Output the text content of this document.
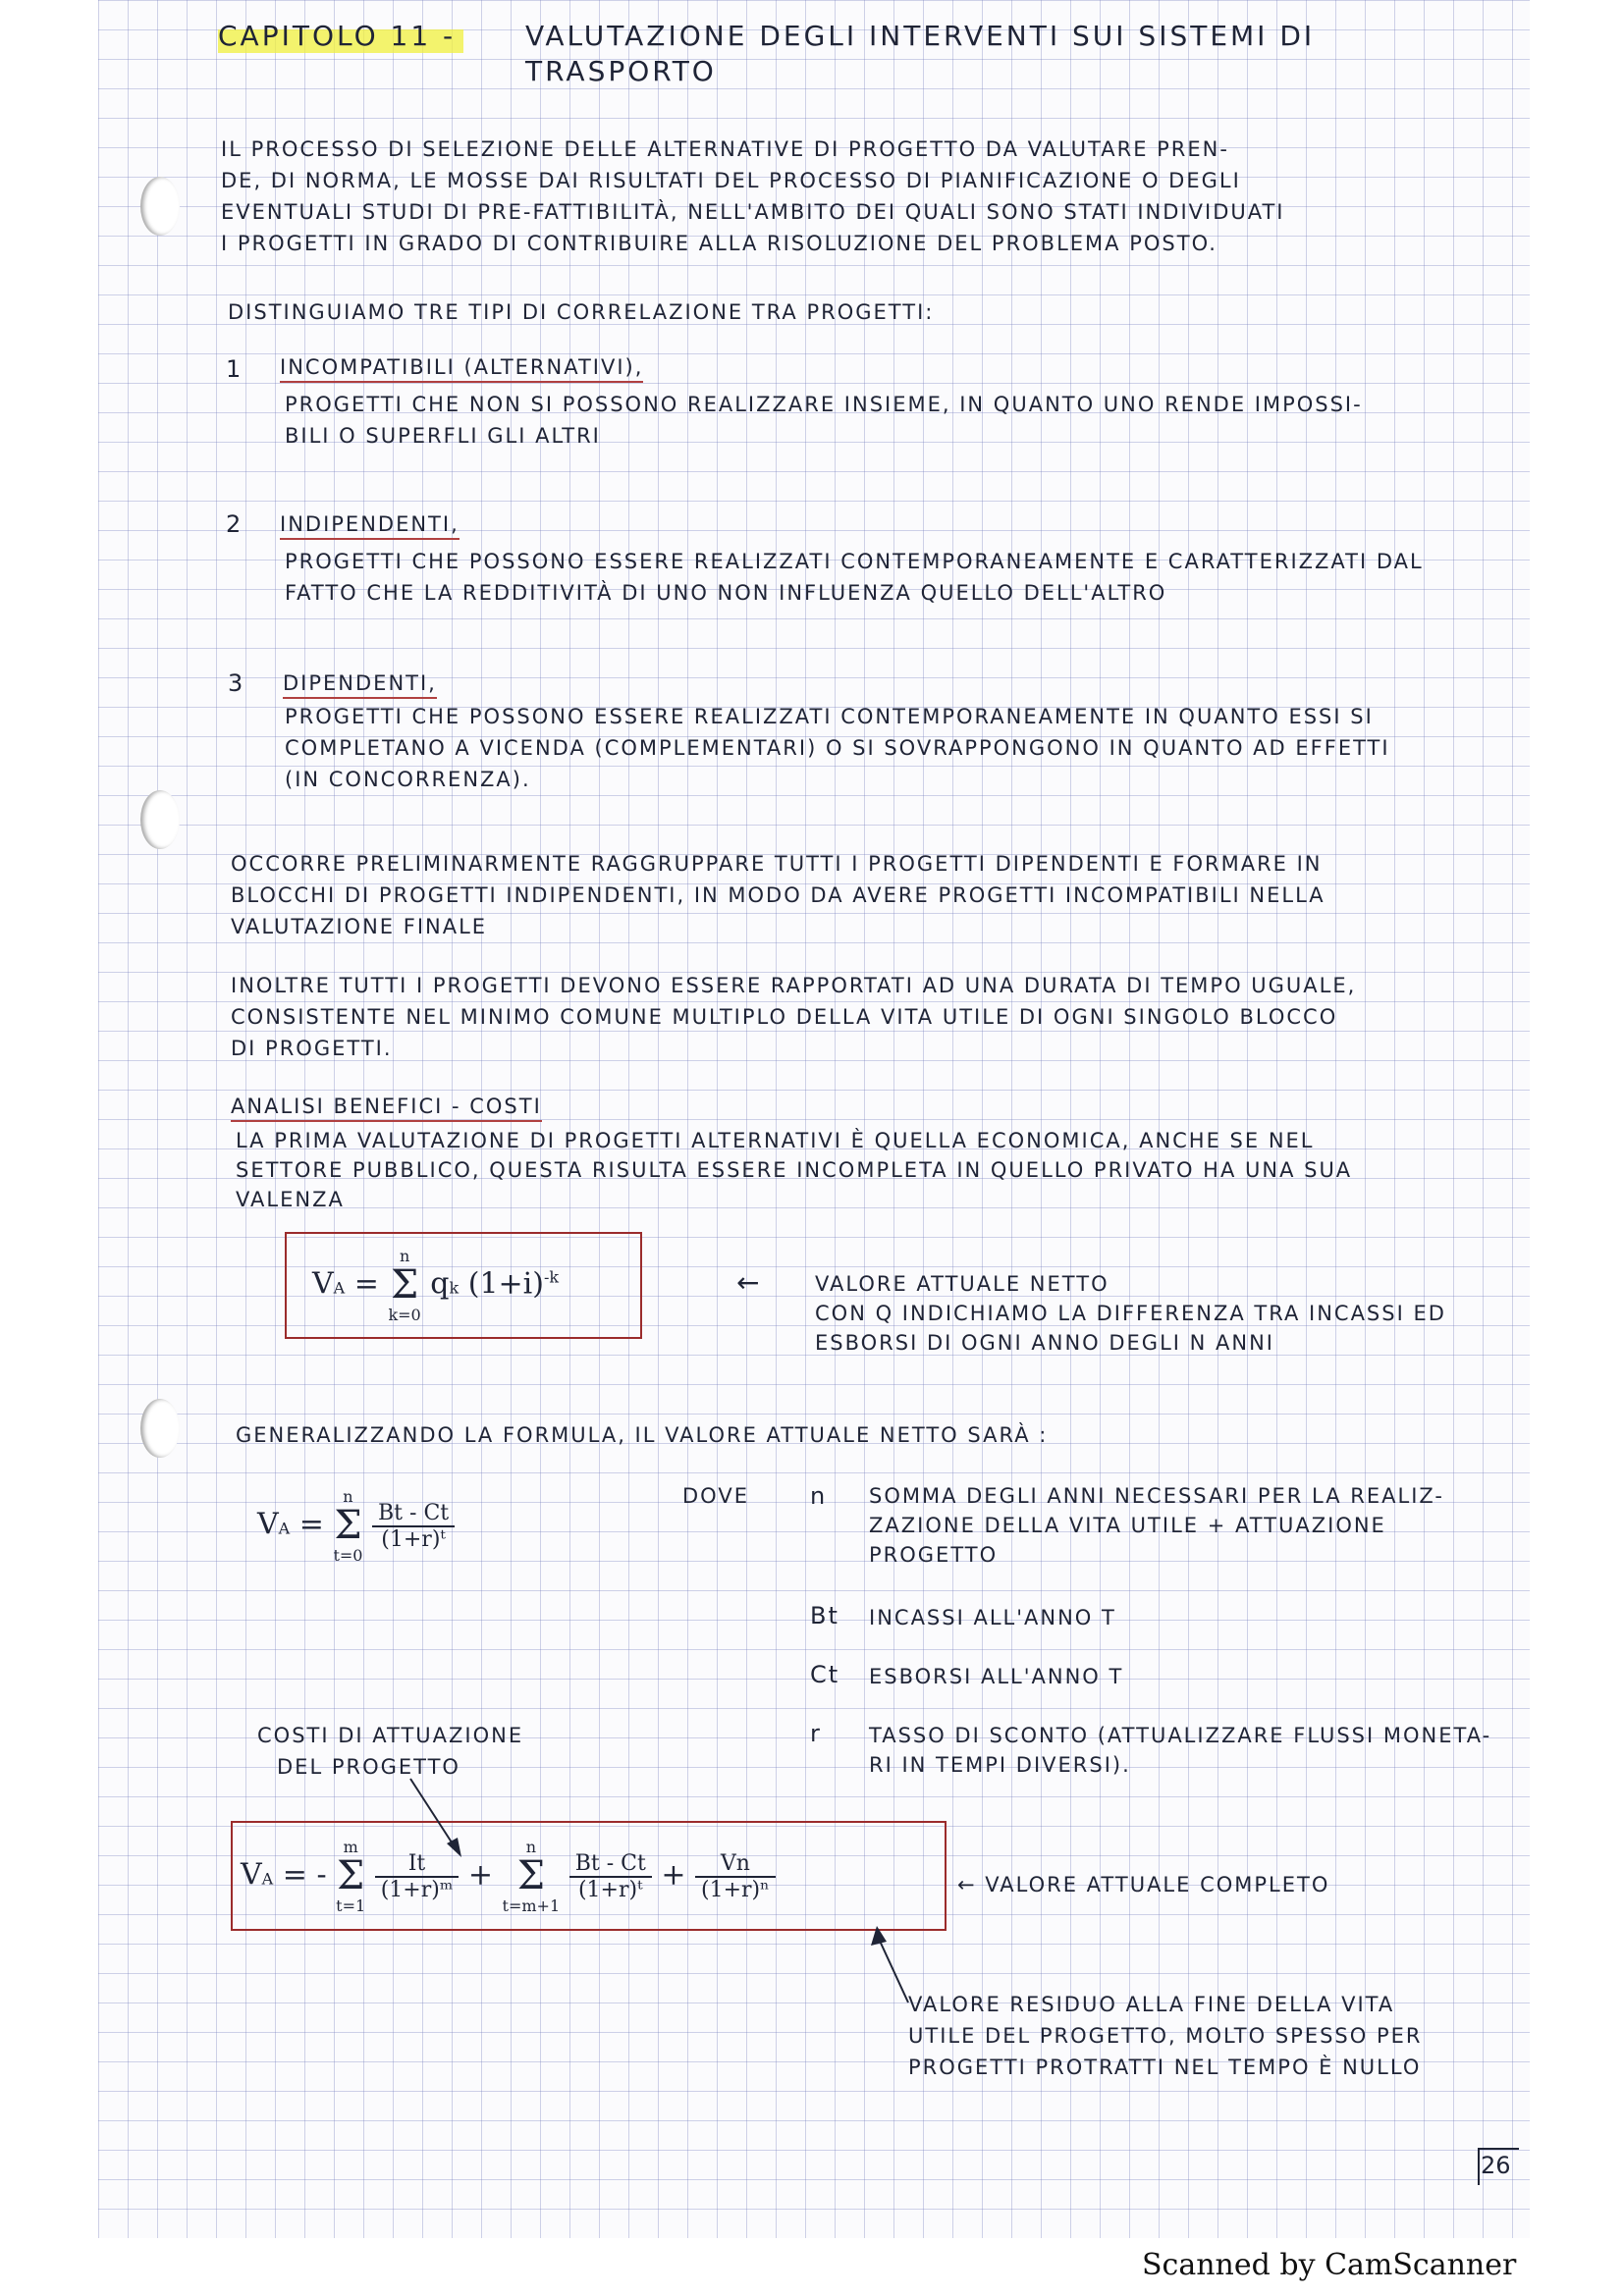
CAPITOLO 11 -	VALUTAZIONE DEGLI INTERVENTI SUI SISTEMI DI
TRASPORTO
IL PROCESSO DI SELEZIONE DELLE ALTERNATIVE DI PROGETTO DA VALUTARE PREN-
DE, DI NORMA, LE MOSSE DAI RISULTATI DEL PROCESSO DI PIANIFICAZIONE O DEGLI
EVENTUALI STUDI DI PRE-FATTIBILITÀ, NELL'AMBITO DEI QUALI SONO STATI INDIVIDUATI
I PROGETTI IN GRADO DI CONTRIBUIRE ALLA RISOLUZIONE DEL PROBLEMA POSTO.
DISTINGUIAMO TRE TIPI DI CORRELAZIONE TRA PROGETTI:
1 INCOMPATIBILI (ALTERNATIVI),
PROGETTI CHE NON SI POSSONO REALIZZARE INSIEME, IN QUANTO UNO RENDE IMPOSSI-
BILI O SUPERFLI GLI ALTRI
2 INDIPENDENTI,
PROGETTI CHE POSSONO ESSERE REALIZZATI CONTEMPORANEAMENTE E CARATTERIZZATI DAL
FATTO CHE LA REDDITIVITÀ DI UNO NON INFLUENZA QUELLO DELL'ALTRO
3 DIPENDENTI,
PROGETTI CHE POSSONO ESSERE REALIZZATI CONTEMPORANEAMENTE IN QUANTO ESSI SI
COMPLETANO A VICENDA (COMPLEMENTARI) O SI SOVRAPPONGONO IN QUANTO AD EFFETTI
(IN CONCORRENZA).
OCCORRE PRELIMINARMENTE RAGGRUPPARE TUTTI I PROGETTI DIPENDENTI E FORMARE IN
BLOCCHI DI PROGETTI INDIPENDENTI, IN MODO DA AVERE PROGETTI INCOMPATIBILI NELLA
VALUTAZIONE FINALE
INOLTRE TUTTI I PROGETTI DEVONO ESSERE RAPPORTATI AD UNA DURATA DI TEMPO UGUALE,
CONSISTENTE NEL MINIMO COMUNE MULTIPLO DELLA VITA UTILE DI OGNI SINGOLO BLOCCO
DI PROGETTI.
ANALISI BENEFICI - COSTI
LA PRIMA VALUTAZIONE DI PROGETTI ALTERNATIVI È QUELLA ECONOMICA, ANCHE SE NEL
SETTORE PUBBLICO, QUESTA RISULTA ESSERE INCOMPLETA IN QUELLO PRIVATO HA UNA SUA
VALENZA
VA =
n
Σ
k=0
qk $(1+i)^{-k}$	←	VALORE ATTUALE NETTO
CON Q INDICHIAMO LA DIFFERENZA TRA INCASSI ED
ESBORSI DI OGNI ANNO DEGLI N ANNI
GENERALIZZANDO LA FORMULA, IL VALORE ATTUALE NETTO SARÀ :
VA =
n
Σ
t=0

$\frac{Bt - Ct}{\text{(1+r)ᵗ}}$
DOVE	n SOMMA DEGLI ANNI NECESSARI PER LA REALIZ-
ZAZIONE DELLA VITA UTILE + ATTUAZIONE
PROGETTO
Bt INCASSI ALL'ANNO T
Ct ESBORSI ALL'ANNO T
r TASSO DI SCONTO (ATTUALIZZARE FLUSSI MONETA-
RI IN TEMPI DIVERSI).
COSTI DI ATTUAZIONE
DEL PROGETTO
VA = -
m
Σ
t=1

$\frac{It}{\text{(1+r)ᵐ}}$ +
n
Σ
t=m+1

$\frac{Bt - Ct}{\text{(1+r)ᵗ}} + \frac{Vn}{\text{(1+r)ⁿ}}$	← VALORE ATTUALE COMPLETO
VALORE RESIDUO ALLA FINE DELLA VITA
UTILE DEL PROGETTO, MOLTO SPESSO PER
PROGETTI PROTRATTI NEL TEMPO È NULLO
26
Scanned by CamScanner
